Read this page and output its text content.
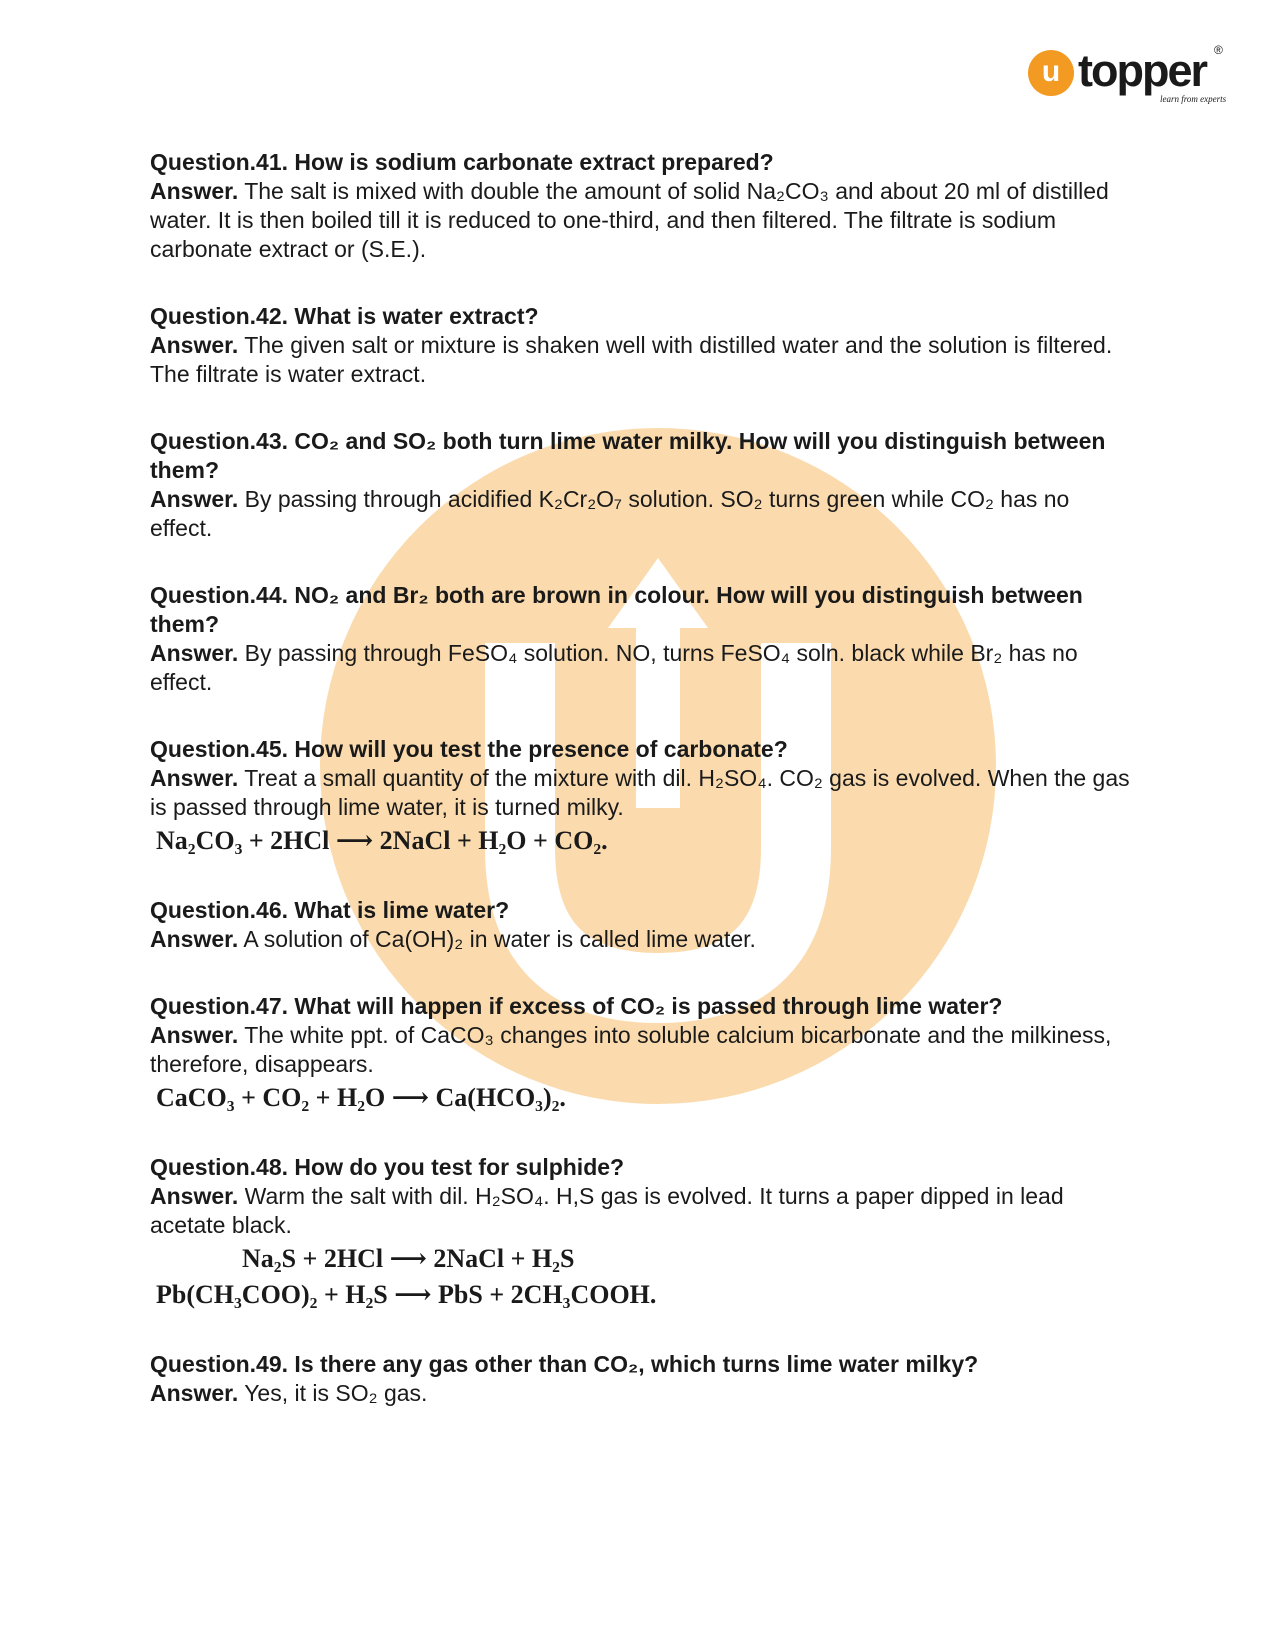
u topper ®
learn from experts
Question.41. How is sodium carbonate extract prepared?
Answer. The salt is mixed with double the amount of solid Na₂CO₃ and about 20 ml of distilled water. It is then boiled till it is reduced to one-third, and then filtered. The filtrate is sodium carbonate extract or (S.E.).
Question.42. What is water extract?
Answer. The given salt or mixture is shaken well with distilled water and the solution is filtered. The filtrate is water extract.
Question.43. CO₂ and SO₂ both turn lime water milky. How will you distinguish between them?
Answer. By passing through acidified K₂Cr₂O₇ solution. SO₂ turns green while CO₂ has no effect.
Question.44. NO₂ and Br₂ both are brown in colour. How will you distinguish between them?
Answer. By passing through FeSO₄ solution. NO, turns FeSO₄ soln. black while Br₂ has no effect.
Question.45. How will you test the presence of carbonate?
Answer. Treat a small quantity of the mixture with dil. H₂SO₄. CO₂ gas is evolved. When the gas is passed through lime water, it is turned milky.
Na₂CO₃ + 2HCl ⟶ 2NaCl + H₂O + CO₂.
Question.46. What is lime water?
Answer. A solution of Ca(OH)₂ in water is called lime water.
Question.47. What will happen if excess of CO₂ is passed through lime water?
Answer. The white ppt. of CaCO₃ changes into soluble calcium bicarbonate and the milkiness, therefore, disappears.
CaCO₃ + CO₂ + H₂O ⟶ Ca(HCO₃)₂.
Question.48. How do you test for sulphide?
Answer. Warm the salt with dil. H₂SO₄. H,S gas is evolved. It turns a paper dipped in lead acetate black.
Na₂S + 2HCl ⟶ 2NaCl + H₂S
Pb(CH₃COO)₂ + H₂S ⟶ PbS + 2CH₃COOH.
Question.49. Is there any gas other than CO₂, which turns lime water milky?
Answer. Yes, it is SO₂ gas.
